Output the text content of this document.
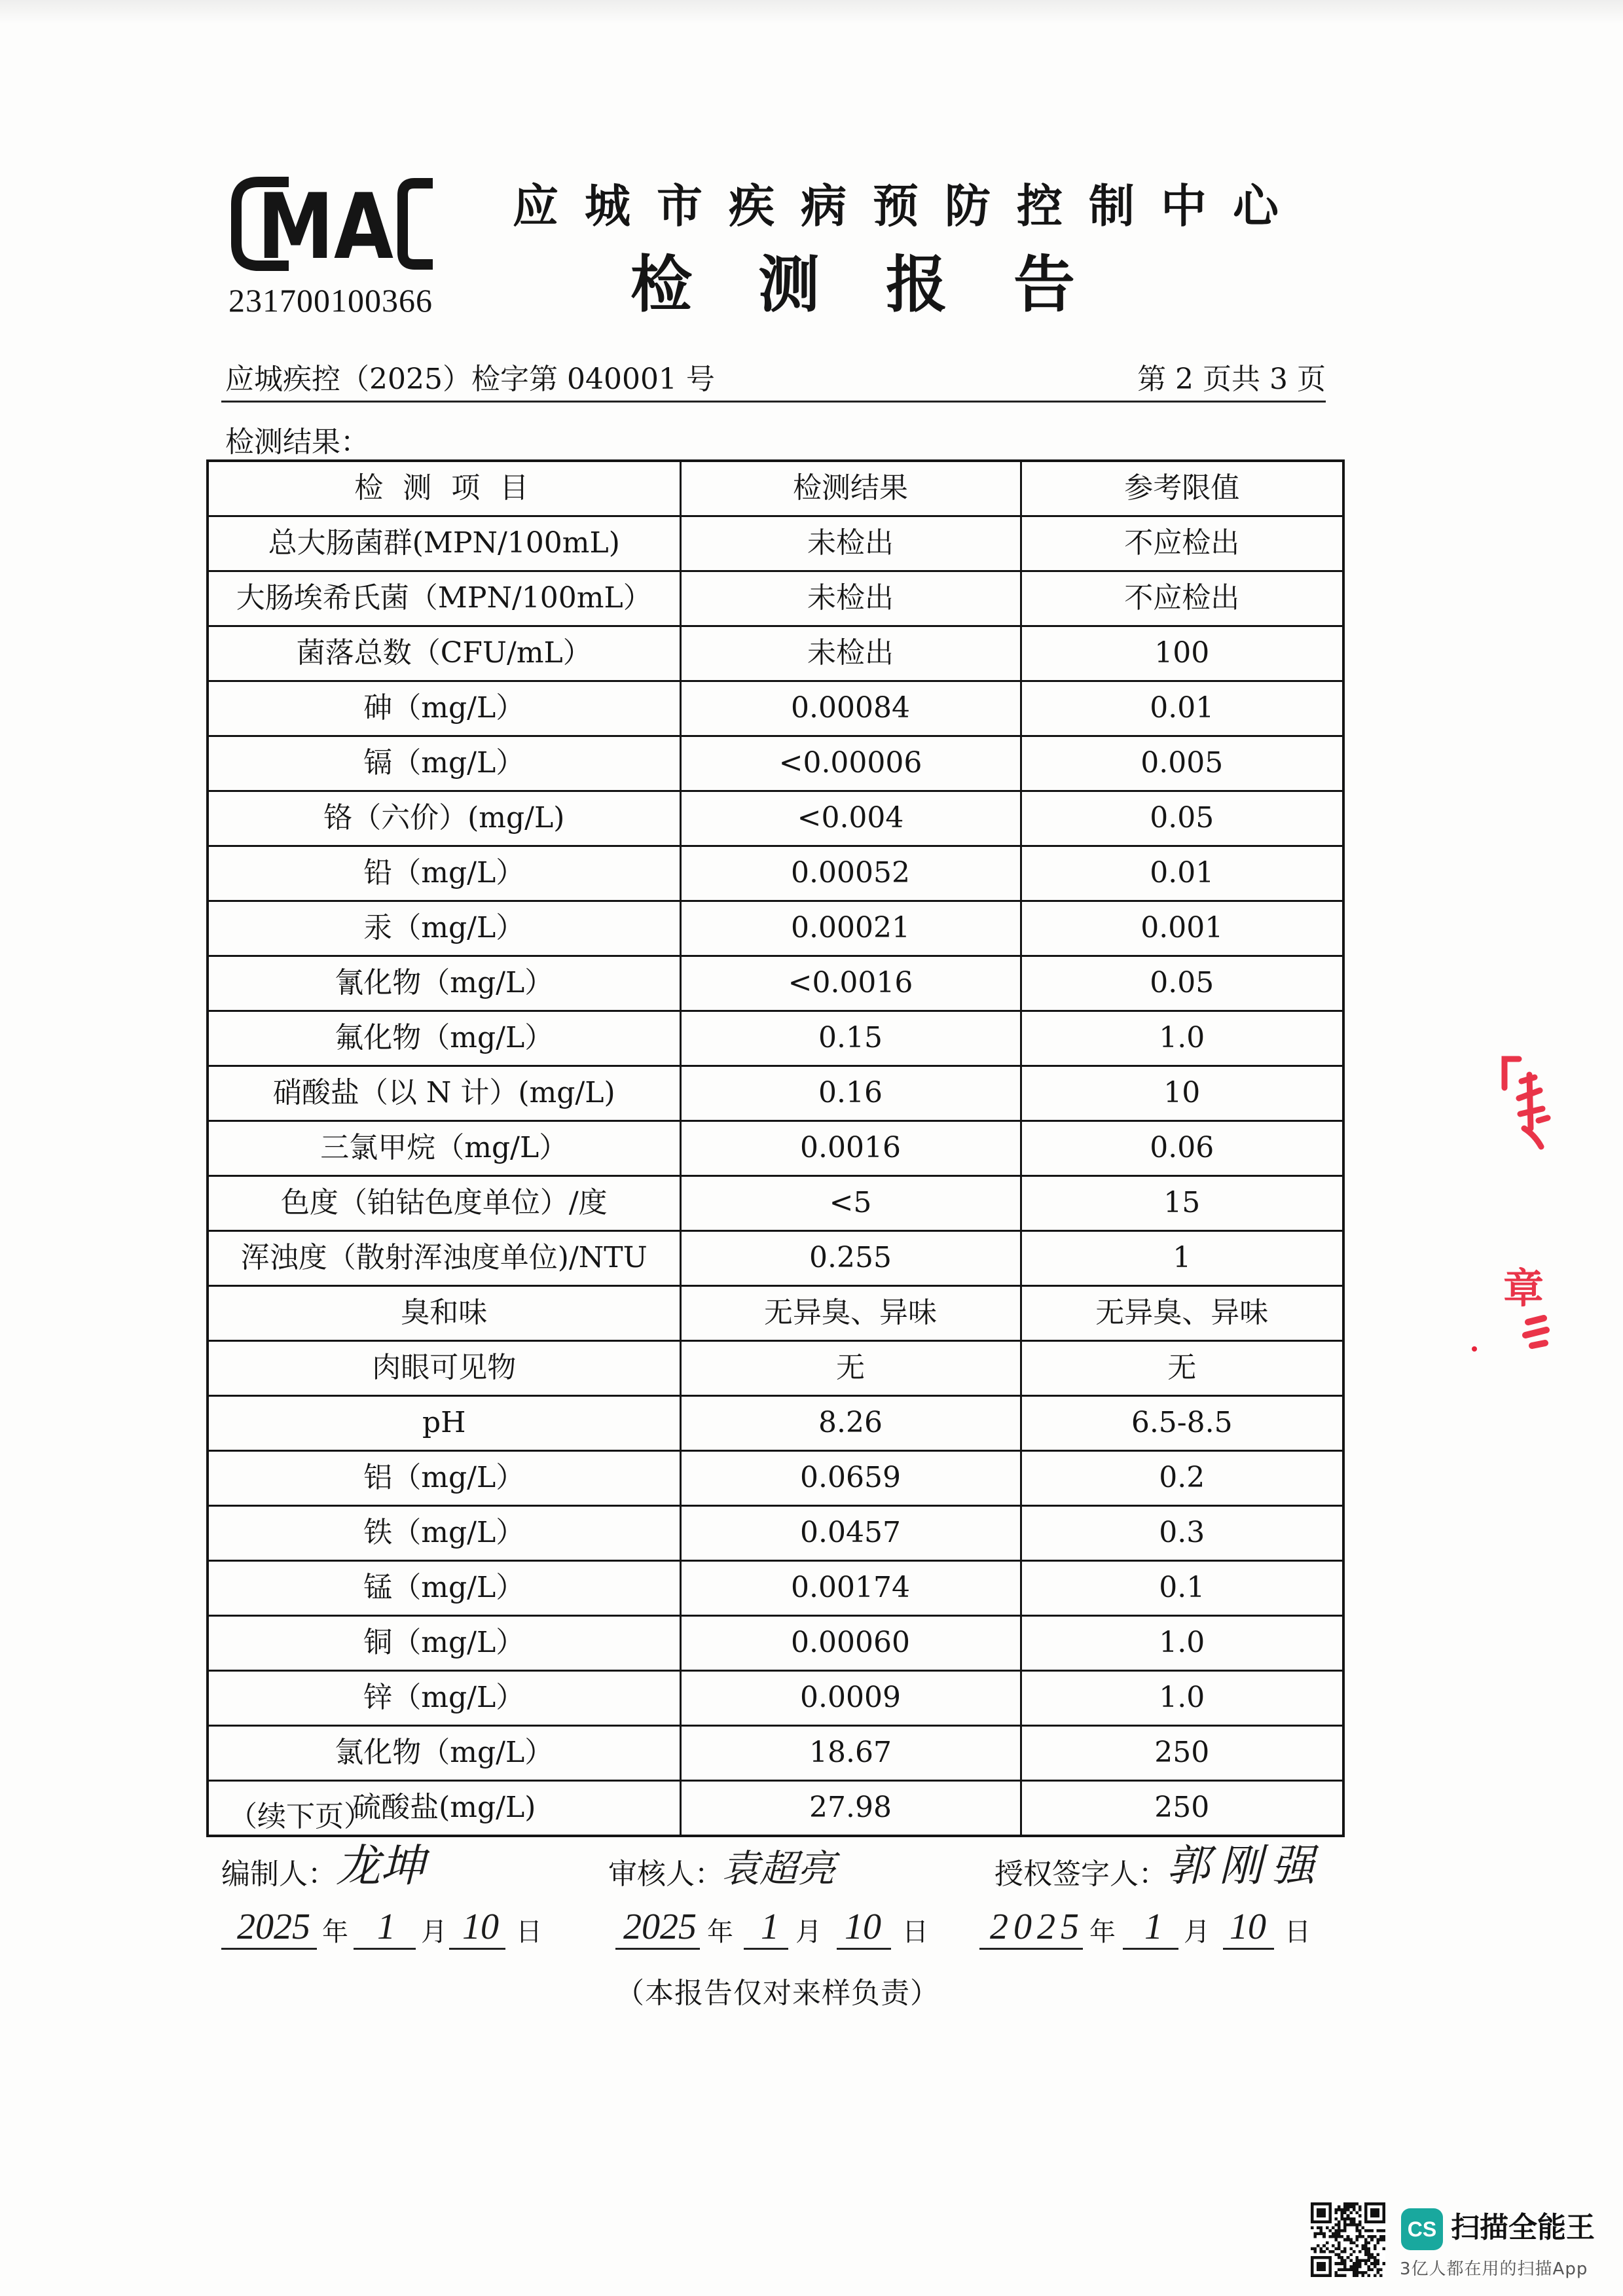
MA
231700100366
应城市疾病预防控制中心
检测报告
应城疾控（2025）检字第 040001 号	第 2 页共 3 页
检测结果：
检 测 项 目	检测结果	参考限值
总大肠菌群(MPN/100mL)	未检出	不应检出
大肠埃希氏菌（MPN/100mL）	未检出	不应检出
菌落总数（CFU/mL）	未检出	100
砷（mg/L）	0.00084	0.01
镉（mg/L）	<0.00006	0.005
铬（六价）(mg/L)	<0.004	0.05
铅（mg/L）	0.00052	0.01
汞（mg/L）	0.00021	0.001
氰化物（mg/L）	<0.0016	0.05
氟化物（mg/L）	0.15	1.0
硝酸盐（以 N 计）(mg/L)	0.16	10
三氯甲烷（mg/L）	0.0016	0.06
色度（铂钴色度单位）/度	<5	15
浑浊度（散射浑浊度单位)/NTU	0.255	1
臭和味	无异臭、异味	无异臭、异味
肉眼可见物	无	无
pH	8.26	6.5-8.5
铝（mg/L）	0.0659	0.2
铁（mg/L）	0.0457	0.3
锰（mg/L）	0.00174	0.1
铜（mg/L）	0.00060	1.0
锌（mg/L）	0.0009	1.0
氯化物（mg/L）	18.67	250
硫酸盐(mg/L)	27.98	250
（续下页）
编制人： 龙坤	审核人：
袁超亮	授权签字人： 郭刚强
2025 年 1 月 10 日 2025 年 1 月 10 日 2025 年 1 月 10 日
（本报告仅对来样负责）
章
CS 扫描全能王
3亿人都在用的扫描App
